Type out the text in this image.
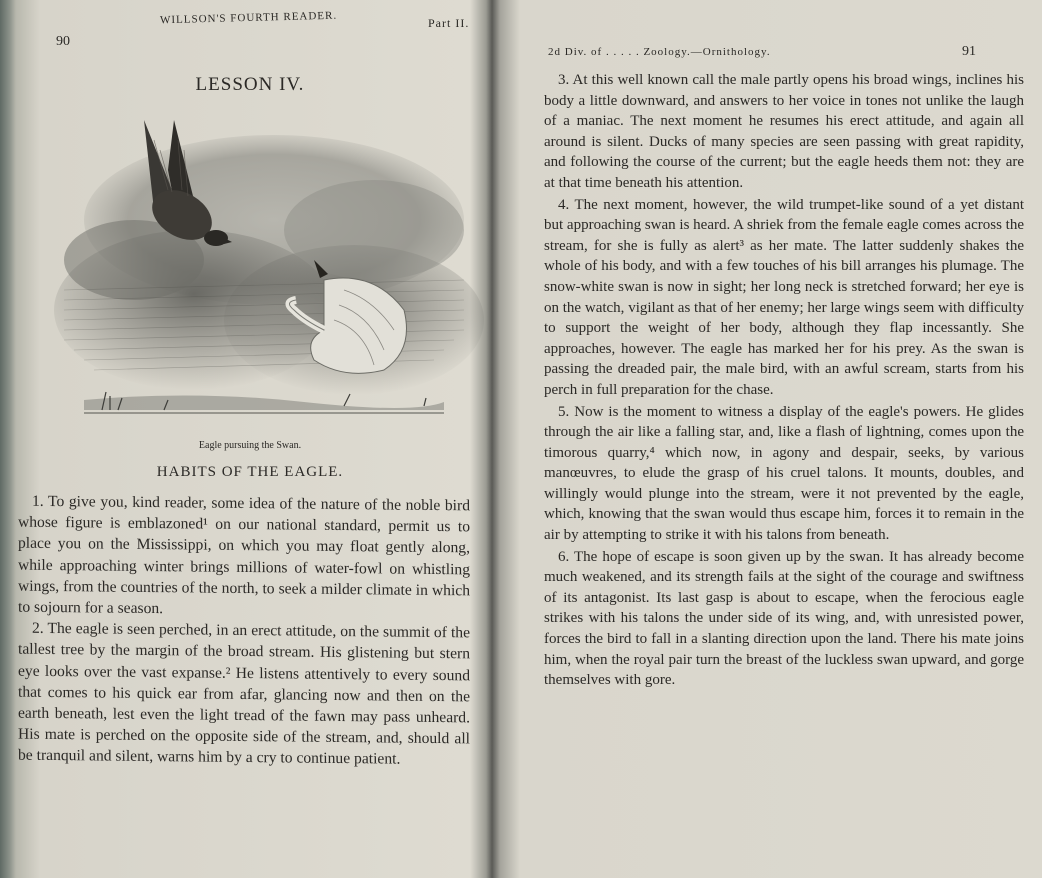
90
WILLSON'S FOURTH READER.	Part II.
LESSON IV.
Eagle pursuing the Swan.
HABITS OF THE EAGLE.

1. To give you, kind reader, some idea of the nature of the noble bird whose figure is emblazoned¹ on our national standard, permit us to place you on the Mississippi, on which you may float gently along, while approaching winter brings millions of water-fowl on whistling wings, from the countries of the north, to seek a milder climate in which to sojourn for a season.

2. The eagle is seen perched, in an erect attitude, on the summit of the tallest tree by the margin of the broad stream. His glistening but stern eye looks over the vast expanse.² He listens attentively to every sound that comes to his quick ear from afar, glancing now and then on the earth beneath, lest even the light tread of the fawn may pass unheard. His mate is perched on the opposite side of the stream, and, should all be tranquil and silent, warns him by a cry to continue patient.

2d Div. of . . . . . Zoology.—Ornithology.	91

3. At this well known call the male partly opens his broad wings, inclines his body a little downward, and answers to her voice in tones not unlike the laugh of a maniac. The next moment he resumes his erect attitude, and again all around is silent. Ducks of many species are seen passing with great rapidity, and following the course of the current; but the eagle heeds them not: they are at that time beneath his attention.

4. The next moment, however, the wild trumpet-like sound of a yet distant but approaching swan is heard. A shriek from the female eagle comes across the stream, for she is fully as alert³ as her mate. The latter suddenly shakes the whole of his body, and with a few touches of his bill arranges his plumage. The snow-white swan is now in sight; her long neck is stretched forward; her eye is on the watch, vigilant as that of her enemy; her large wings seem with difficulty to support the weight of her body, although they flap incessantly. She approaches, however. The eagle has marked her for his prey. As the swan is passing the dreaded pair, the male bird, with an awful scream, starts from his perch in full preparation for the chase.

5. Now is the moment to witness a display of the eagle's powers. He glides through the air like a falling star, and, like a flash of lightning, comes upon the timorous quarry,⁴ which now, in agony and despair, seeks, by various manœuvres, to elude the grasp of his cruel talons. It mounts, doubles, and willingly would plunge into the stream, were it not prevented by the eagle, which, knowing that the swan would thus escape him, forces it to remain in the air by attempting to strike it with his talons from beneath.

6. The hope of escape is soon given up by the swan. It has already become much weakened, and its strength fails at the sight of the courage and swiftness of its antagonist. Its last gasp is about to escape, when the ferocious eagle strikes with his talons the under side of its wing, and, with unresisted power, forces the bird to fall in a slanting direction upon the land. There his mate joins him, when the royal pair turn the breast of the luckless swan upward, and gorge themselves with gore.
